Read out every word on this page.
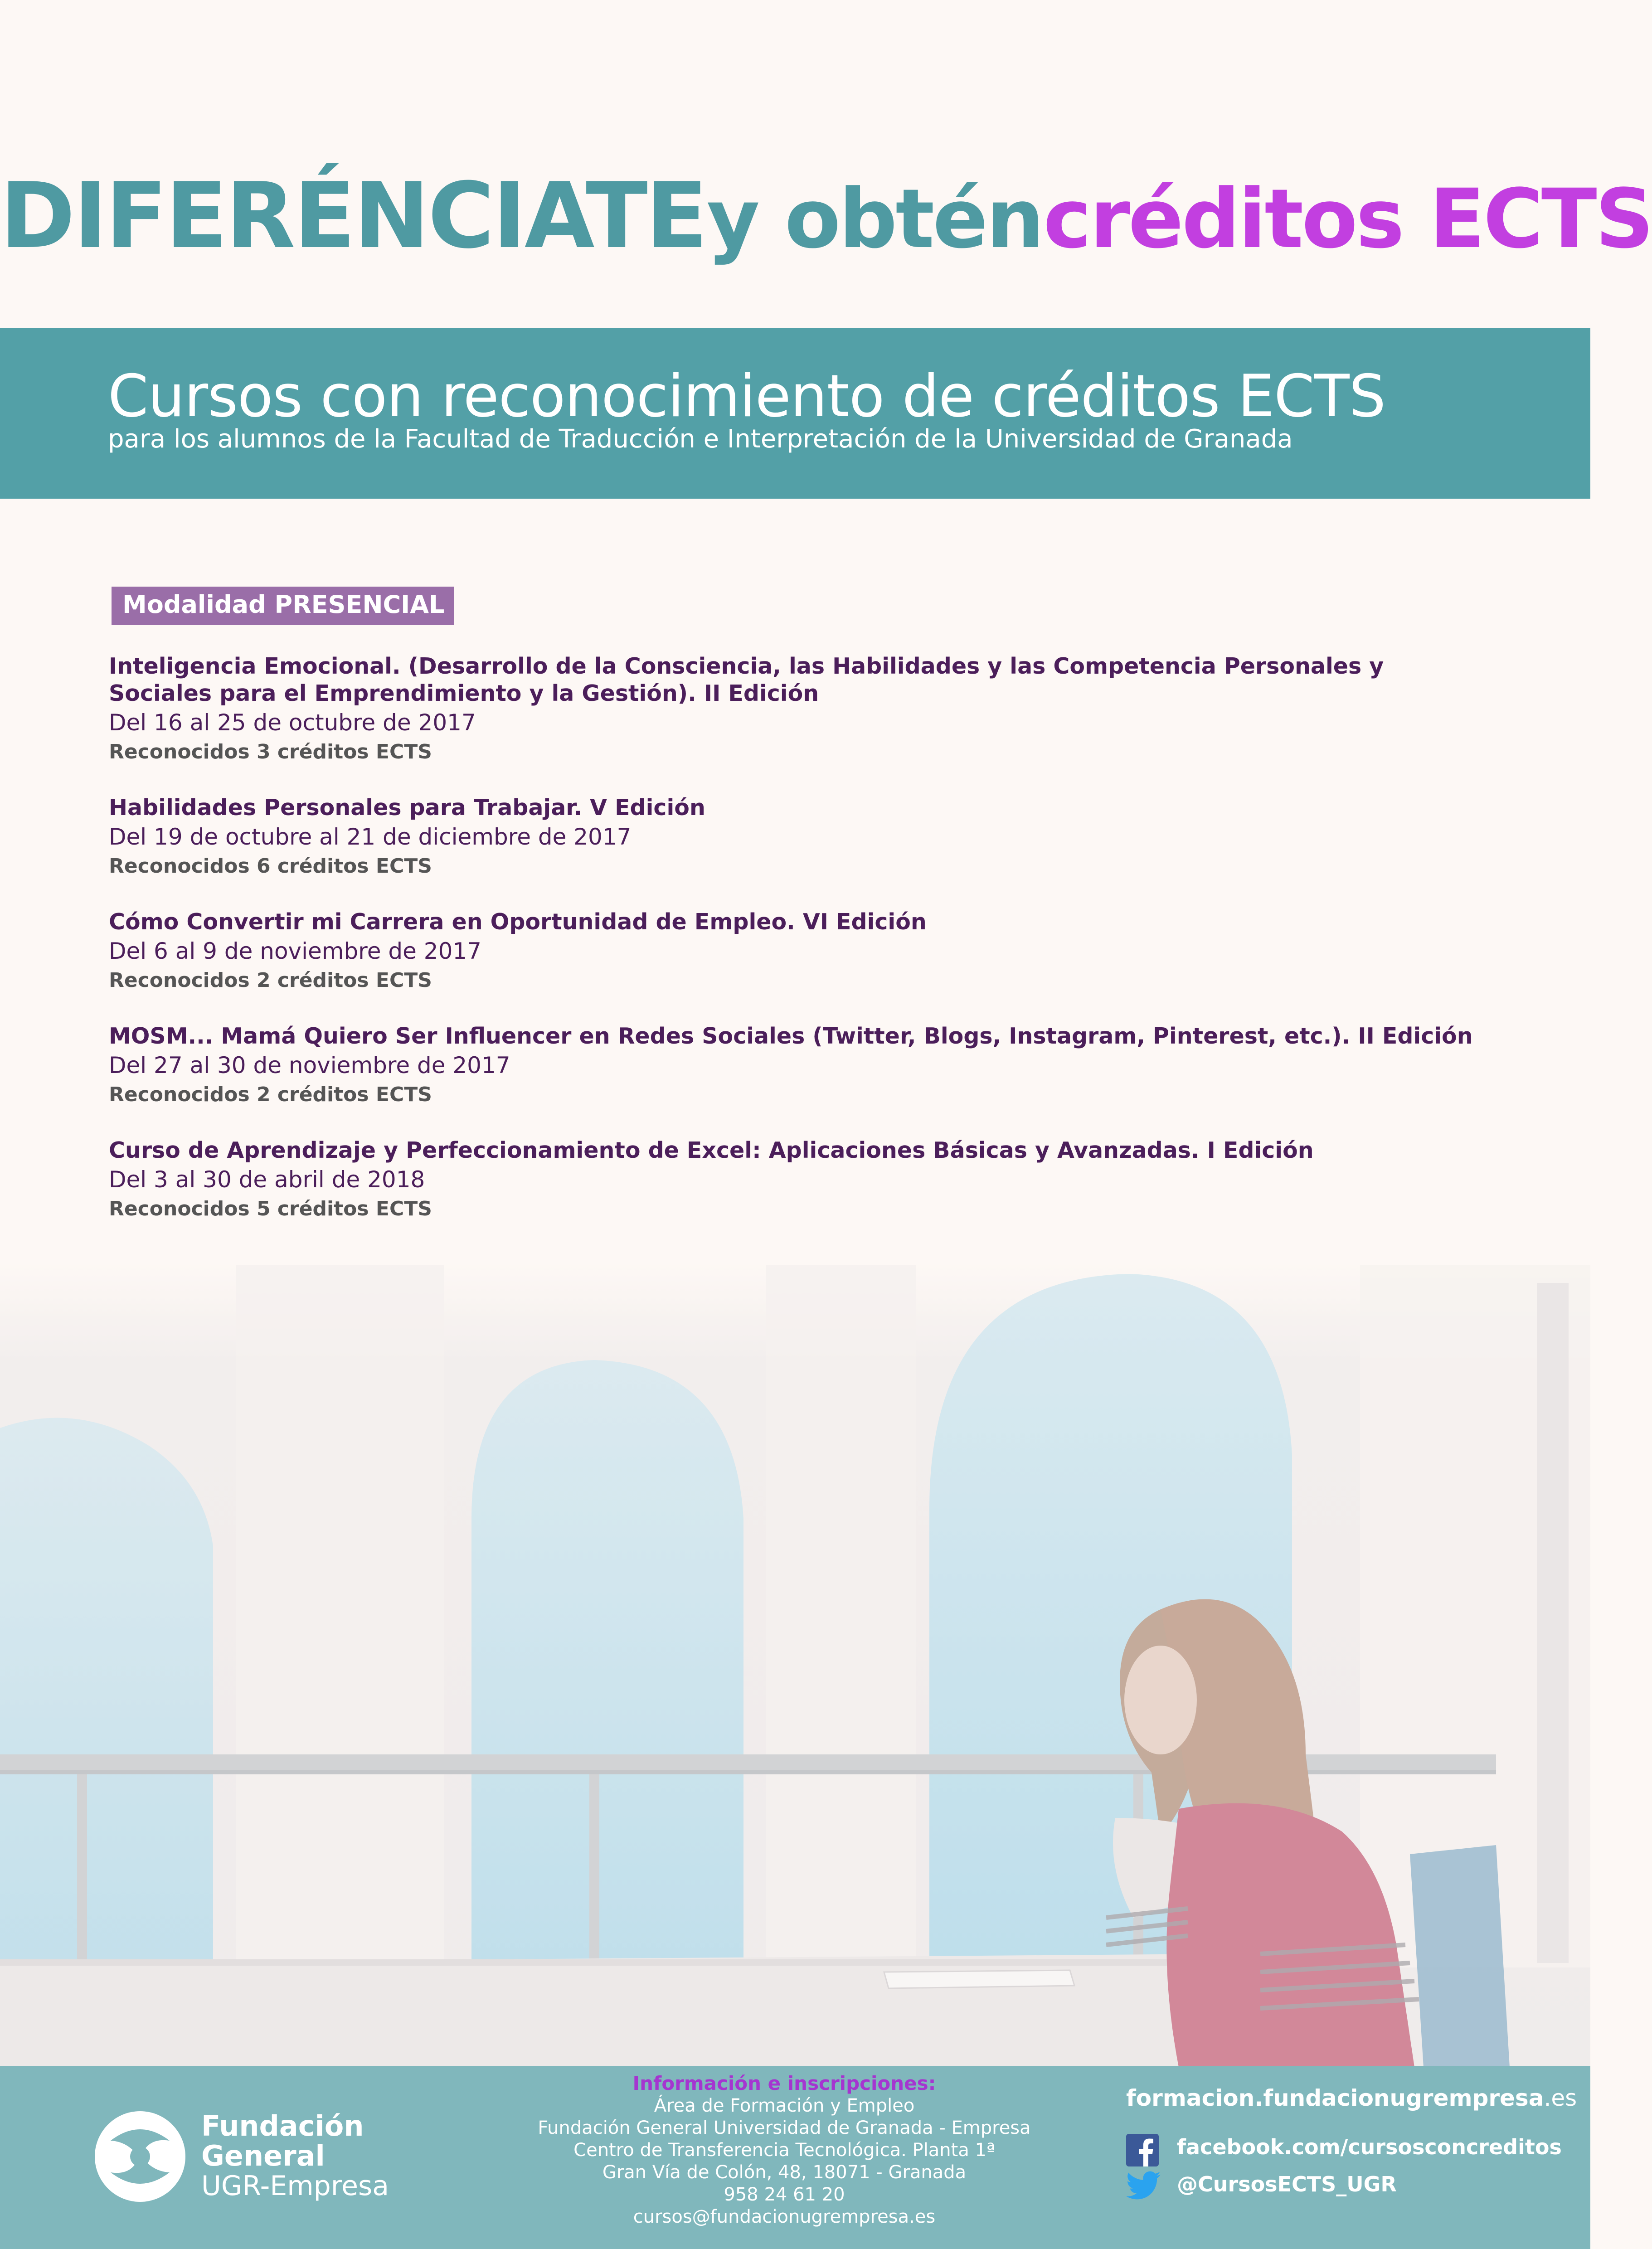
DIFERÉNCIATE y obtén créditos ECTS
Cursos con reconocimiento de créditos ECTS
para los alumnos de la Facultad de Traducción e Interpretación de la Universidad de Granada
Modalidad PRESENCIAL
Inteligencia Emocional. (Desarrollo de la Consciencia, las Habilidades y las Competencia Personales y Sociales para el Emprendimiento y la Gestión). II Edición
Del 16 al 25 de octubre de 2017
Reconocidos 3 créditos ECTS
Habilidades Personales para Trabajar. V Edición
Del 19 de octubre al 21 de diciembre de 2017
Reconocidos 6 créditos ECTS
Cómo Convertir mi Carrera en Oportunidad de Empleo. VI Edición
Del 6 al 9 de noviembre de 2017
Reconocidos 2 créditos ECTS
MOSM... Mamá Quiero Ser Influencer en Redes Sociales (Twitter, Blogs, Instagram, Pinterest, etc.). II Edición
Del 27 al 30 de noviembre de 2017
Reconocidos 2 créditos ECTS
Curso de Aprendizaje y Perfeccionamiento de Excel: Aplicaciones Básicas y Avanzadas. I Edición
Del 3 al 30 de abril de 2018
Reconocidos 5 créditos ECTS
Fundación
General
UGR-Empresa
Información e inscripciones:
Área de Formación y Empleo
Fundación General Universidad de Granada - Empresa
Centro de Transferencia Tecnológica. Planta 1ª
Gran Vía de Colón, 48, 18071 - Granada
958 24 61 20
cursos@fundacionugrempresa.es
formacion.fundacionugrempresa.es
facebook.com/cursosconcreditos
@CursosECTS_UGR
